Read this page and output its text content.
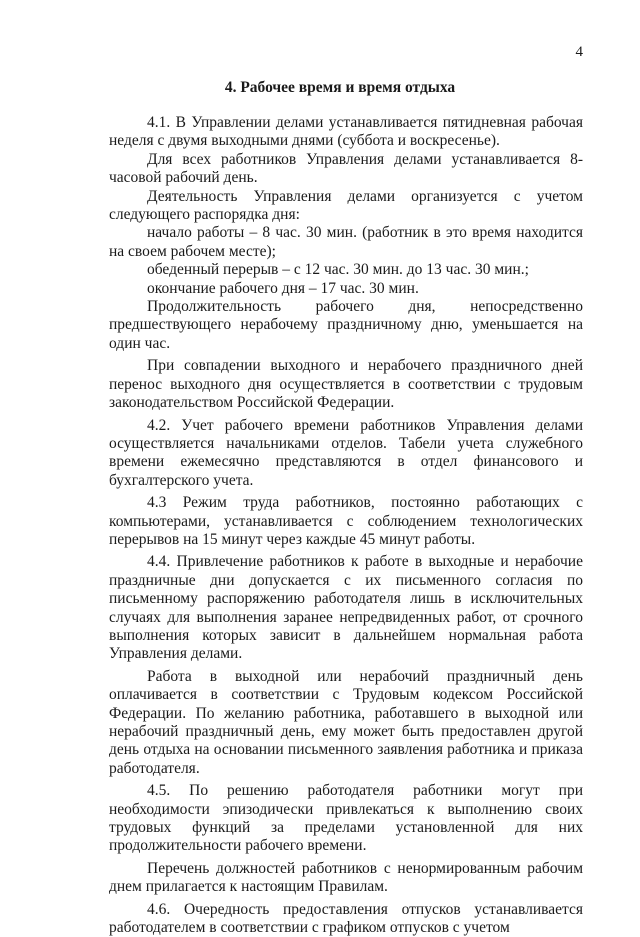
4
4. Рабочее время и время отдыха

4.1. В Управлении делами устанавливается пятидневная рабочая неделя с двумя выходными днями (суббота и воскресенье).

Для всех работников Управления делами устанавливается 8-часовой рабочий день.

Деятельность Управления делами организуется с учетом следующего распорядка дня:

начало работы – 8 час. 30 мин. (работник в это время находится на своем рабочем месте);

обеденный перерыв – с 12 час. 30 мин. до 13 час. 30 мин.;

окончание рабочего дня – 17 час. 30 мин.

Продолжительность рабочего дня, непосредственно предшествующего нерабочему праздничному дню, уменьшается на один час.

При совпадении выходного и нерабочего праздничного дней перенос выходного дня осуществляется в соответствии с трудовым законодательством Российской Федерации.

4.2. Учет рабочего времени работников Управления делами осуществляется начальниками отделов. Табели учета служебного времени ежемесячно представляются в отдел финансового и бухгалтерского учета.

4.3 Режим труда работников, постоянно работающих с компьютерами, устанавливается с соблюдением технологических перерывов на 15 минут через каждые 45 минут работы.

4.4. Привлечение работников к работе в выходные и нерабочие праздничные дни допускается с их письменного согласия по письменному распоряжению работодателя лишь в исключительных случаях для выполнения заранее непредвиденных работ, от срочного выполнения которых зависит в дальнейшем нормальная работа Управления делами.

Работа в выходной или нерабочий праздничный день оплачивается в соответствии с Трудовым кодексом Российской Федерации. По желанию работника, работавшего в выходной или нерабочий праздничный день, ему может быть предоставлен другой день отдыха на основании письменного заявления работника и приказа работодателя.

4.5. По решению работодателя работники могут при необходимости эпизодически привлекаться к выполнению своих трудовых функций за пределами установленной для них продолжительности рабочего времени.

Перечень должностей работников с ненормированным рабочим днем прилагается к настоящим Правилам.

4.6. Очередность предоставления отпусков устанавливается работодателем в соответствии с графиком отпусков с учетом
